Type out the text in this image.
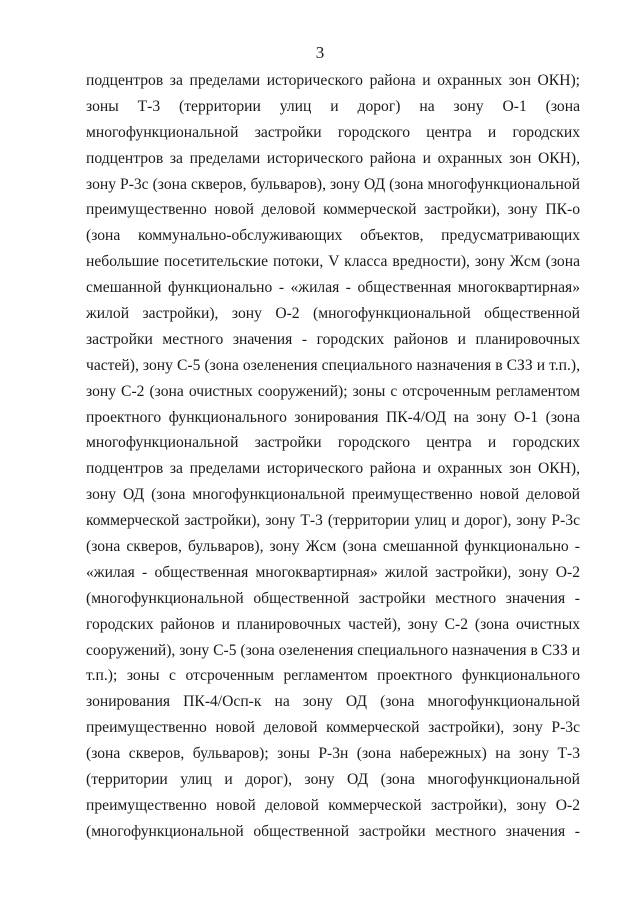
3
подцентров за пределами исторического района и охранных зон ОКН);
зоны Т-3 (территории улиц и дорог) на зону О-1 (зона
многофункциональной застройки городского центра и городских
подцентров за пределами исторического района и охранных зон ОКН),
зону Р-3с (зона скверов, бульваров), зону ОД (зона многофункциональной
преимущественно новой деловой коммерческой застройки), зону ПК-о
(зона коммунально-обслуживающих объектов, предусматривающих
небольшие посетительские потоки, V класса вредности), зону Жсм (зона
смешанной функционально - «жилая - общественная многоквартирная»
жилой застройки), зону О-2 (многофункциональной общественной
застройки местного значения - городских районов и планировочных
частей), зону С-5 (зона озеленения специального назначения в СЗЗ и т.п.),
зону С-2 (зона очистных сооружений); зоны с отсроченным регламентом
проектного функционального зонирования ПК-4/ОД на зону О-1 (зона
многофункциональной застройки городского центра и городских
подцентров за пределами исторического района и охранных зон ОКН),
зону ОД (зона многофункциональной преимущественно новой деловой
коммерческой застройки), зону Т-3 (территории улиц и дорог), зону Р-3с
(зона скверов, бульваров), зону Жсм (зона смешанной функционально -
«жилая - общественная многоквартирная» жилой застройки), зону О-2
(многофункциональной общественной застройки местного значения -
городских районов и планировочных частей), зону С-2 (зона очистных
сооружений), зону С-5 (зона озеленения специального назначения в СЗЗ и
т.п.); зоны с отсроченным регламентом проектного функционального
зонирования ПК-4/Осп-к на зону ОД (зона многофункциональной
преимущественно новой деловой коммерческой застройки), зону Р-3с
(зона скверов, бульваров); зоны Р-3н (зона набережных) на зону Т-3
(территории улиц и дорог), зону ОД (зона многофункциональной
преимущественно новой деловой коммерческой застройки), зону О-2
(многофункциональной общественной застройки местного значения -
